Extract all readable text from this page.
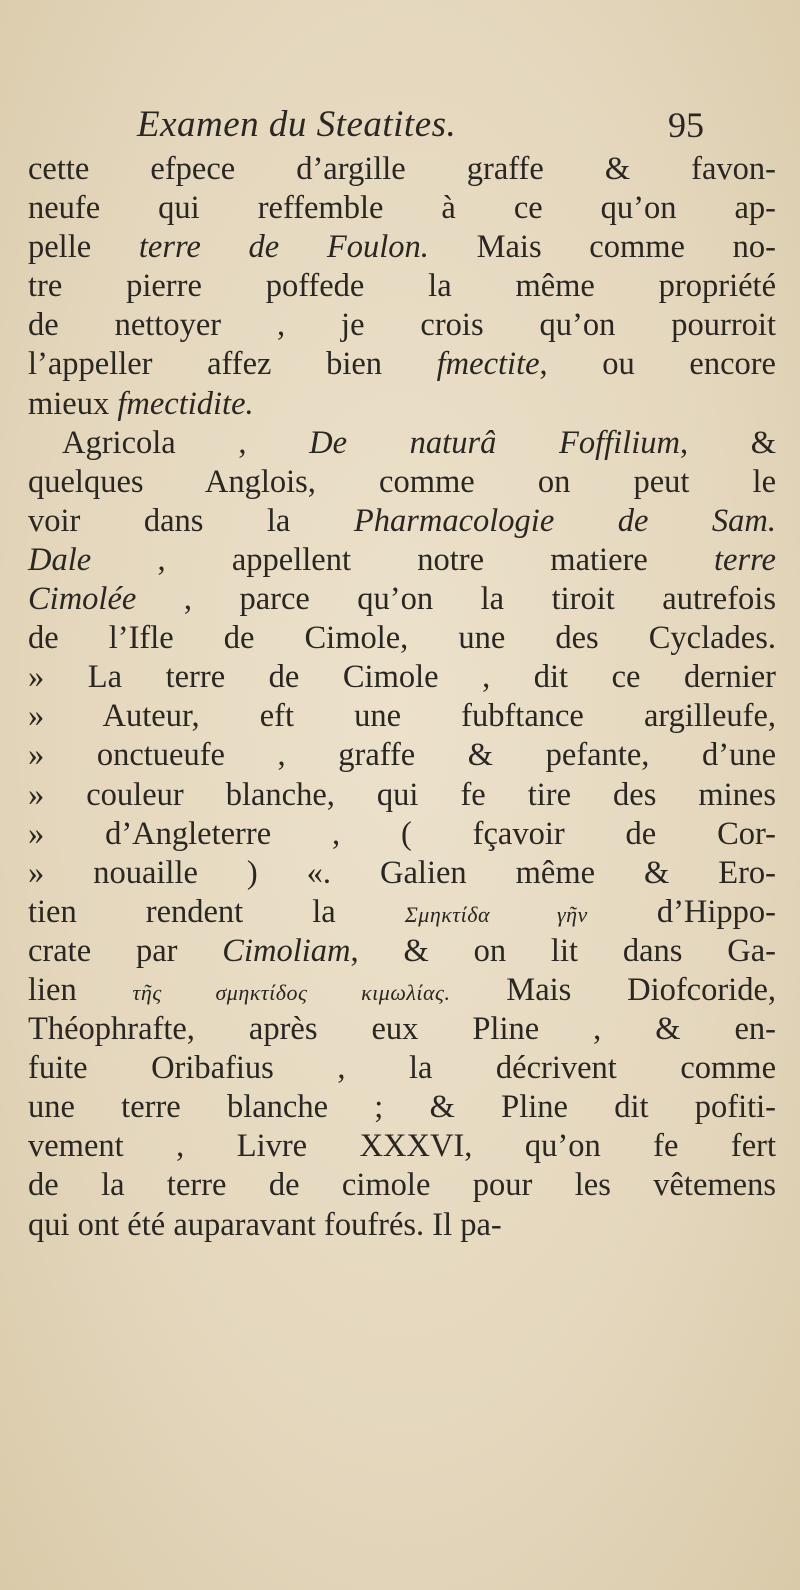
Examen du Steatites.	95
cette efpece d’argille graffe & favon-
neufe qui reffemble à ce qu’on ap-
pelle terre de Foulon. Mais comme no-
tre pierre poffede la même propriété
de nettoyer , je crois qu’on pourroit
l’appeller affez bien fmectite, ou encore
mieux fmectidite.
Agricola , De naturâ Foffilium, &
quelques Anglois, comme on peut le
voir dans la Pharmacologie de Sam.
Dale , appellent notre matiere terre
Cimolée , parce qu’on la tiroit autrefois
de l’Ifle de Cimole, une des Cyclades.
» La terre de Cimole , dit ce dernier
» Auteur, eft une fubftance argilleufe,
» onctueufe , graffe & pefante, d’une
» couleur blanche, qui fe tire des mines
» d’Angleterre , ( fçavoir de Cor-
» nouaille ) «. Galien même & Ero-
tien rendent la Σμηκτίδα γῆν d’Hippo-
crate par Cimoliam, & on lit dans Ga-
lien τῆς σμηκτίδος κιμωλίας. Mais Diofcoride,
Théophrafte, après eux Pline , & en-
fuite Oribafius , la décrivent comme
une terre blanche ; & Pline dit pofiti-
vement , Livre XXXVI, qu’on fe fert
de la terre de cimole pour les vêtemens
qui ont été auparavant foufrés. Il pa-
